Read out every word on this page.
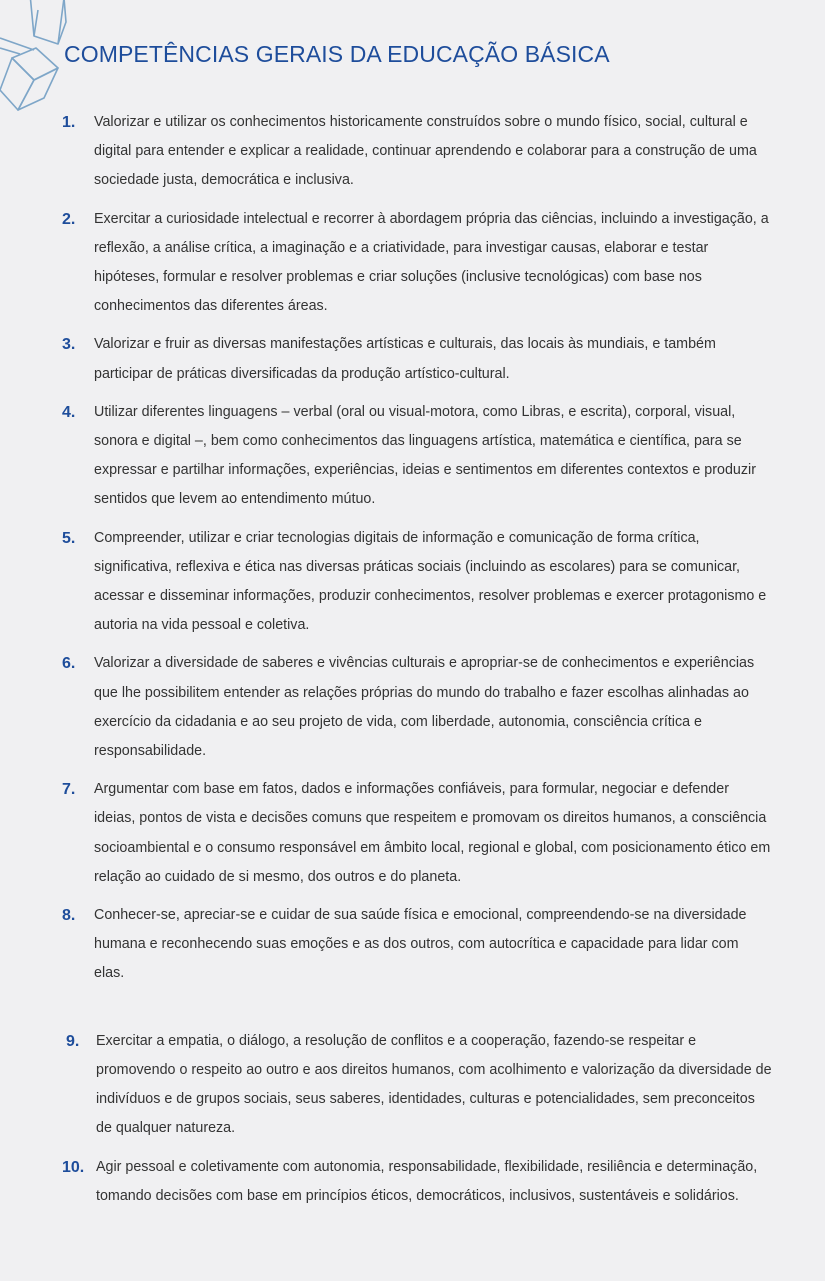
COMPETÊNCIAS GERAIS DA EDUCAÇÃO BÁSICA
1. Valorizar e utilizar os conhecimentos historicamente construídos sobre o mundo físico, social, cultural e digital para entender e explicar a realidade, continuar aprendendo e colaborar para a construção de uma sociedade justa, democrática e inclusiva.

2. Exercitar a curiosidade intelectual e recorrer à abordagem própria das ciências, incluindo a investigação, a reflexão, a análise crítica, a imaginação e a criatividade, para investigar causas, elaborar e testar hipóteses, formular e resolver problemas e criar soluções (inclusive tecnológicas) com base nos conhecimentos das diferentes áreas.

3. Valorizar e fruir as diversas manifestações artísticas e culturais, das locais às mundiais, e também participar de práticas diversificadas da produção artístico-cultural.

4. Utilizar diferentes linguagens – verbal (oral ou visual-motora, como Libras, e escrita), corporal, visual, sonora e digital –, bem como conhecimentos das linguagens artística, matemática e científica, para se expressar e partilhar informações, experiências, ideias e sentimentos em diferentes contextos e produzir sentidos que levem ao entendimento mútuo.

5. Compreender, utilizar e criar tecnologias digitais de informação e comunicação de forma crítica, significativa, reflexiva e ética nas diversas práticas sociais (incluindo as escolares) para se comunicar, acessar e disseminar informações, produzir conhecimentos, resolver problemas e exercer protagonismo e autoria na vida pessoal e coletiva.

6. Valorizar a diversidade de saberes e vivências culturais e apropriar-se de conhecimentos e experiências que lhe possibilitem entender as relações próprias do mundo do trabalho e fazer escolhas alinhadas ao exercício da cidadania e ao seu projeto de vida, com liberdade, autonomia, consciência crítica e responsabilidade.

7. Argumentar com base em fatos, dados e informações confiáveis, para formular, negociar e defender ideias, pontos de vista e decisões comuns que respeitem e promovam os direitos humanos, a consciência socioambiental e o consumo responsável em âmbito local, regional e global, com posicionamento ético em relação ao cuidado de si mesmo, dos outros e do planeta.

8. Conhecer-se, apreciar-se e cuidar de sua saúde física e emocional, compreendendo-se na diversidade humana e reconhecendo suas emoções e as dos outros, com autocrítica e capacidade para lidar com elas.

9. Exercitar a empatia, o diálogo, a resolução de conflitos e a cooperação, fazendo-se respeitar e promovendo o respeito ao outro e aos direitos humanos, com acolhimento e valorização da diversidade de indivíduos e de grupos sociais, seus saberes, identidades, culturas e potencialidades, sem preconceitos de qualquer natureza.

10. Agir pessoal e coletivamente com autonomia, responsabilidade, flexibilidade, resiliência e determinação, tomando decisões com base em princípios éticos, democráticos, inclusivos, sustentáveis e solidários.
